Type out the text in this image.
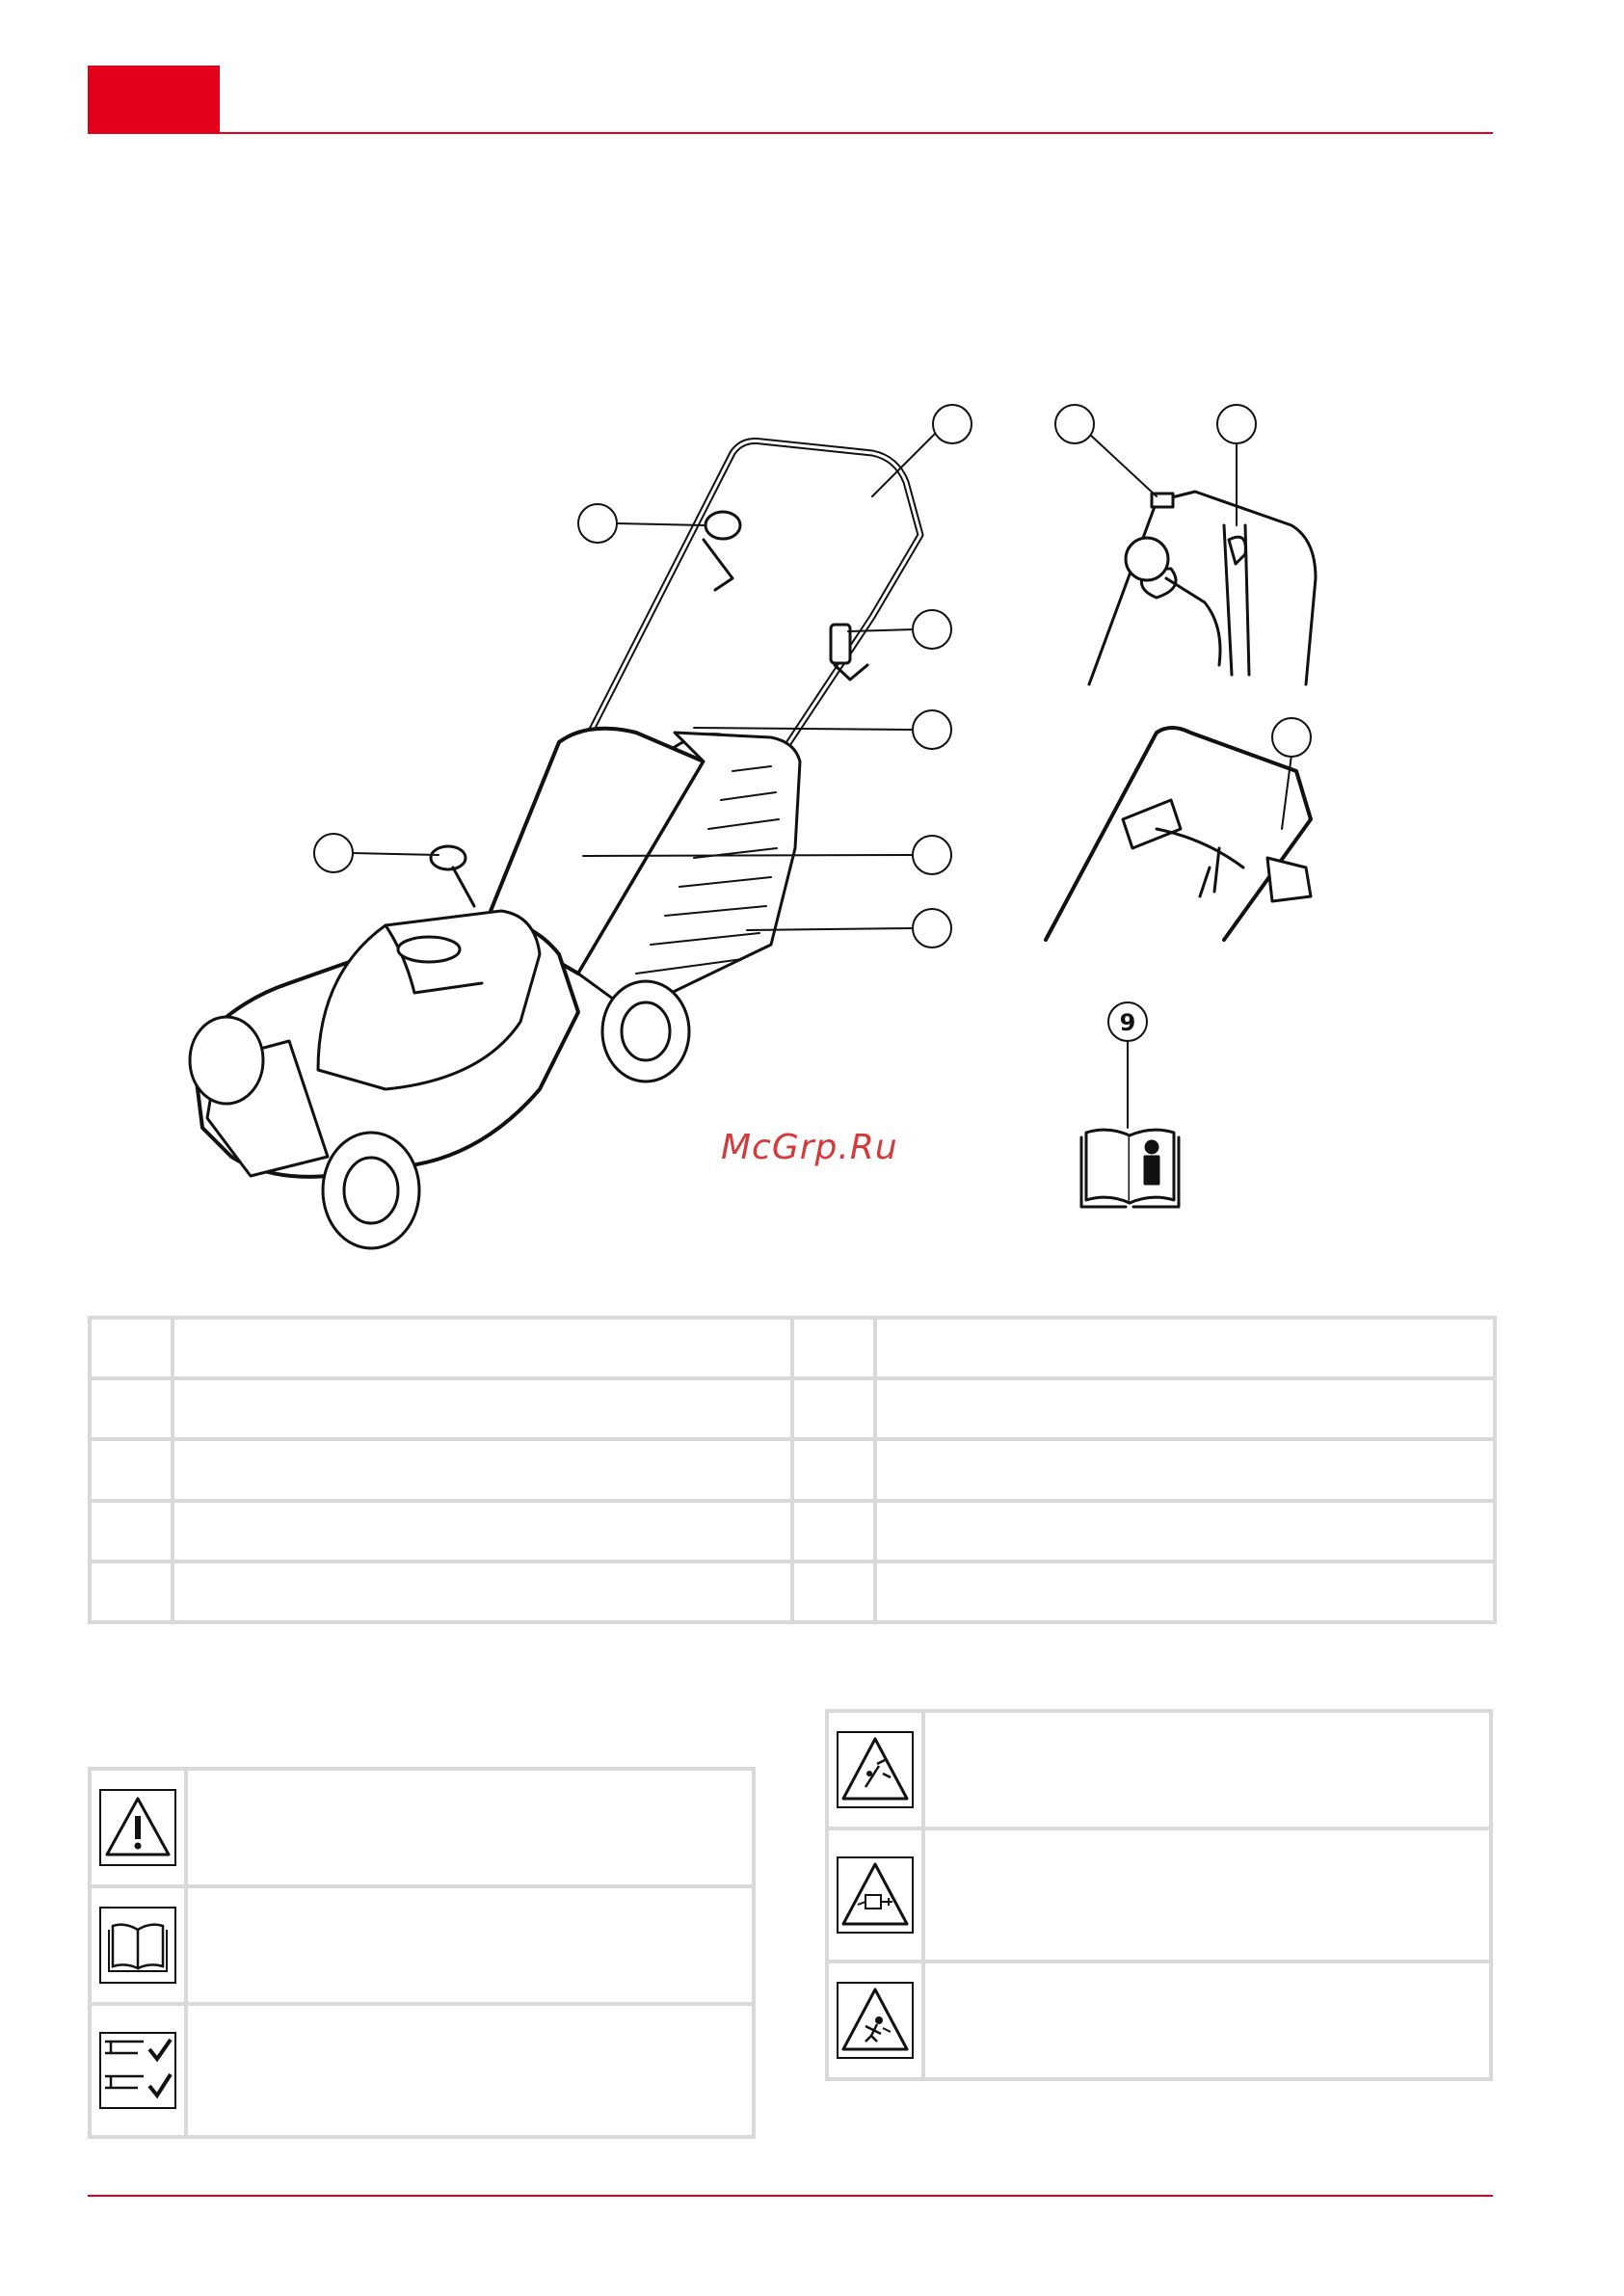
9
McGrp.Ru
